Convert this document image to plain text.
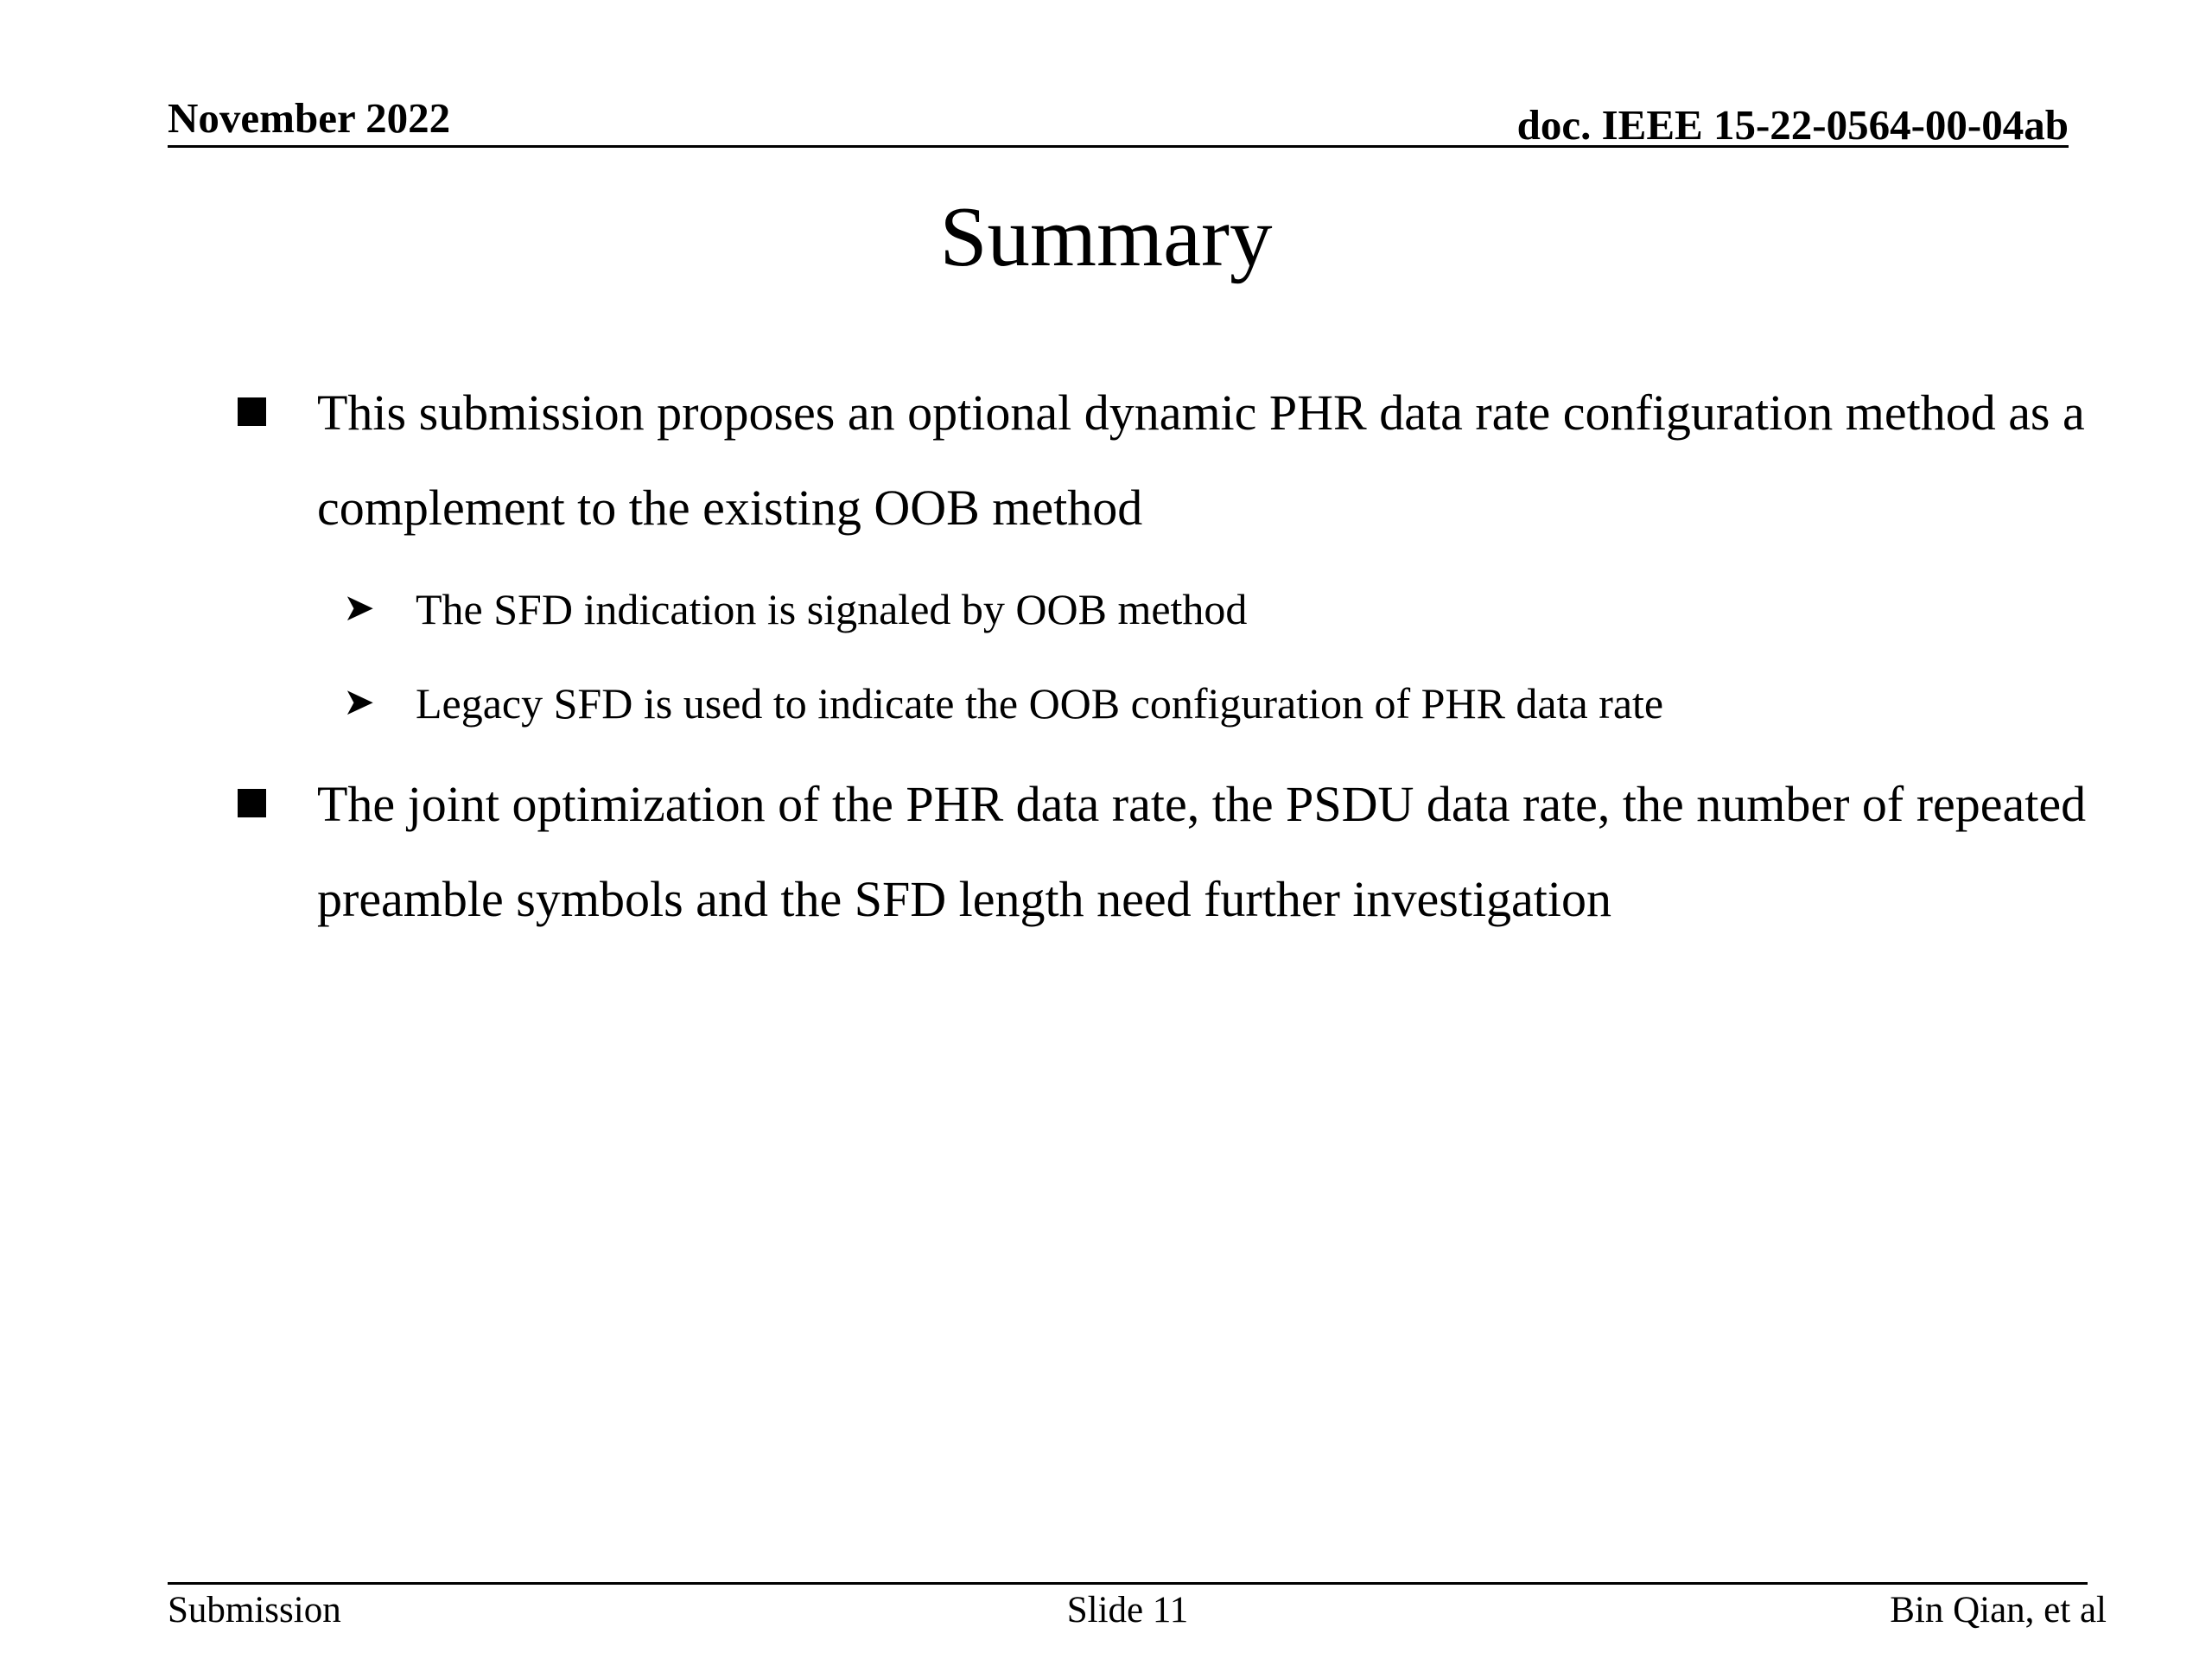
November 2022	doc. IEEE 15-22-0564-00-04ab
Summary
This submission proposes an optional dynamic PHR data rate configuration method as a complement to the existing OOB method
➤ The SFD indication is signaled by OOB method
➤ Legacy SFD is used to indicate the OOB configuration of PHR data rate
The joint optimization of the PHR data rate, the PSDU data rate, the number of repeated preamble symbols and the SFD length need further investigation
Submission	Slide 11	Bin Qian, et al
